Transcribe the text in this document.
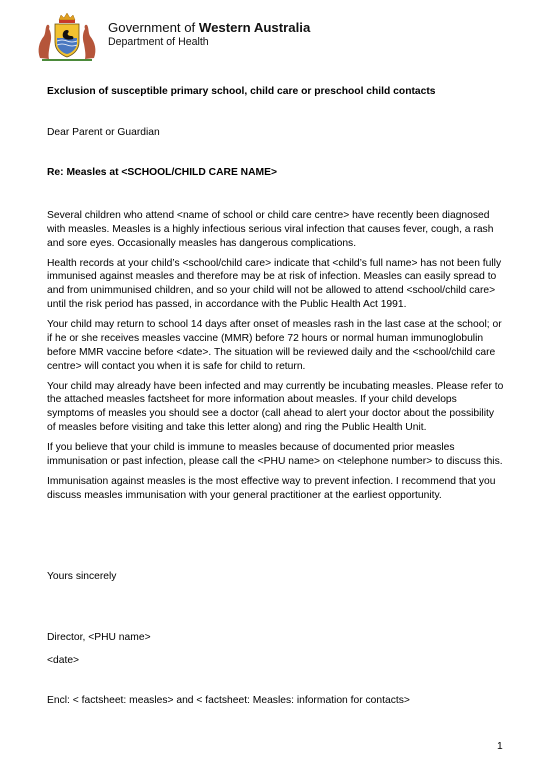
Government of Western Australia
Department of Health
Exclusion of susceptible primary school, child care or preschool child contacts
Dear Parent or Guardian
Re: Measles at <SCHOOL/CHILD CARE NAME>

Several children who attend <name of school or child care centre> have recently been diagnosed with measles. Measles is a highly infectious serious viral infection that causes fever, cough, a rash and sore eyes. Occasionally measles has dangerous complications.

Health records at your child’s <school/child care> indicate that <child’s full name> has not been fully immunised against measles and therefore may be at risk of infection. Measles can easily spread to and from unimmunised children, and so your child will not be allowed to attend <school/child care> until the risk period has passed, in accordance with the Public Health Act 1991.

Your child may return to school 14 days after onset of measles rash in the last case at the school; or if he or she receives measles vaccine (MMR) before 72 hours or normal human immunoglobulin before MMR vaccine before <date>. The situation will be reviewed daily and the <school/child care centre> will contact you when it is safe for child to return.

Your child may already have been infected and may currently be incubating measles. Please refer to the attached measles factsheet for more information about measles. If your child develops symptoms of measles you should see a doctor (call ahead to alert your doctor about the possibility of measles before visiting and take this letter along) and ring the Public Health Unit.

If you believe that your child is immune to measles because of documented prior measles immunisation or past infection, please call the <PHU name> on <telephone number> to discuss this.

Immunisation against measles is the most effective way to prevent infection. I recommend that you discuss measles immunisation with your general practitioner at the earliest opportunity.

Yours sincerely
Director, <PHU name>
<date>
Encl: < factsheet: measles> and < factsheet: Measles: information for contacts>
1
